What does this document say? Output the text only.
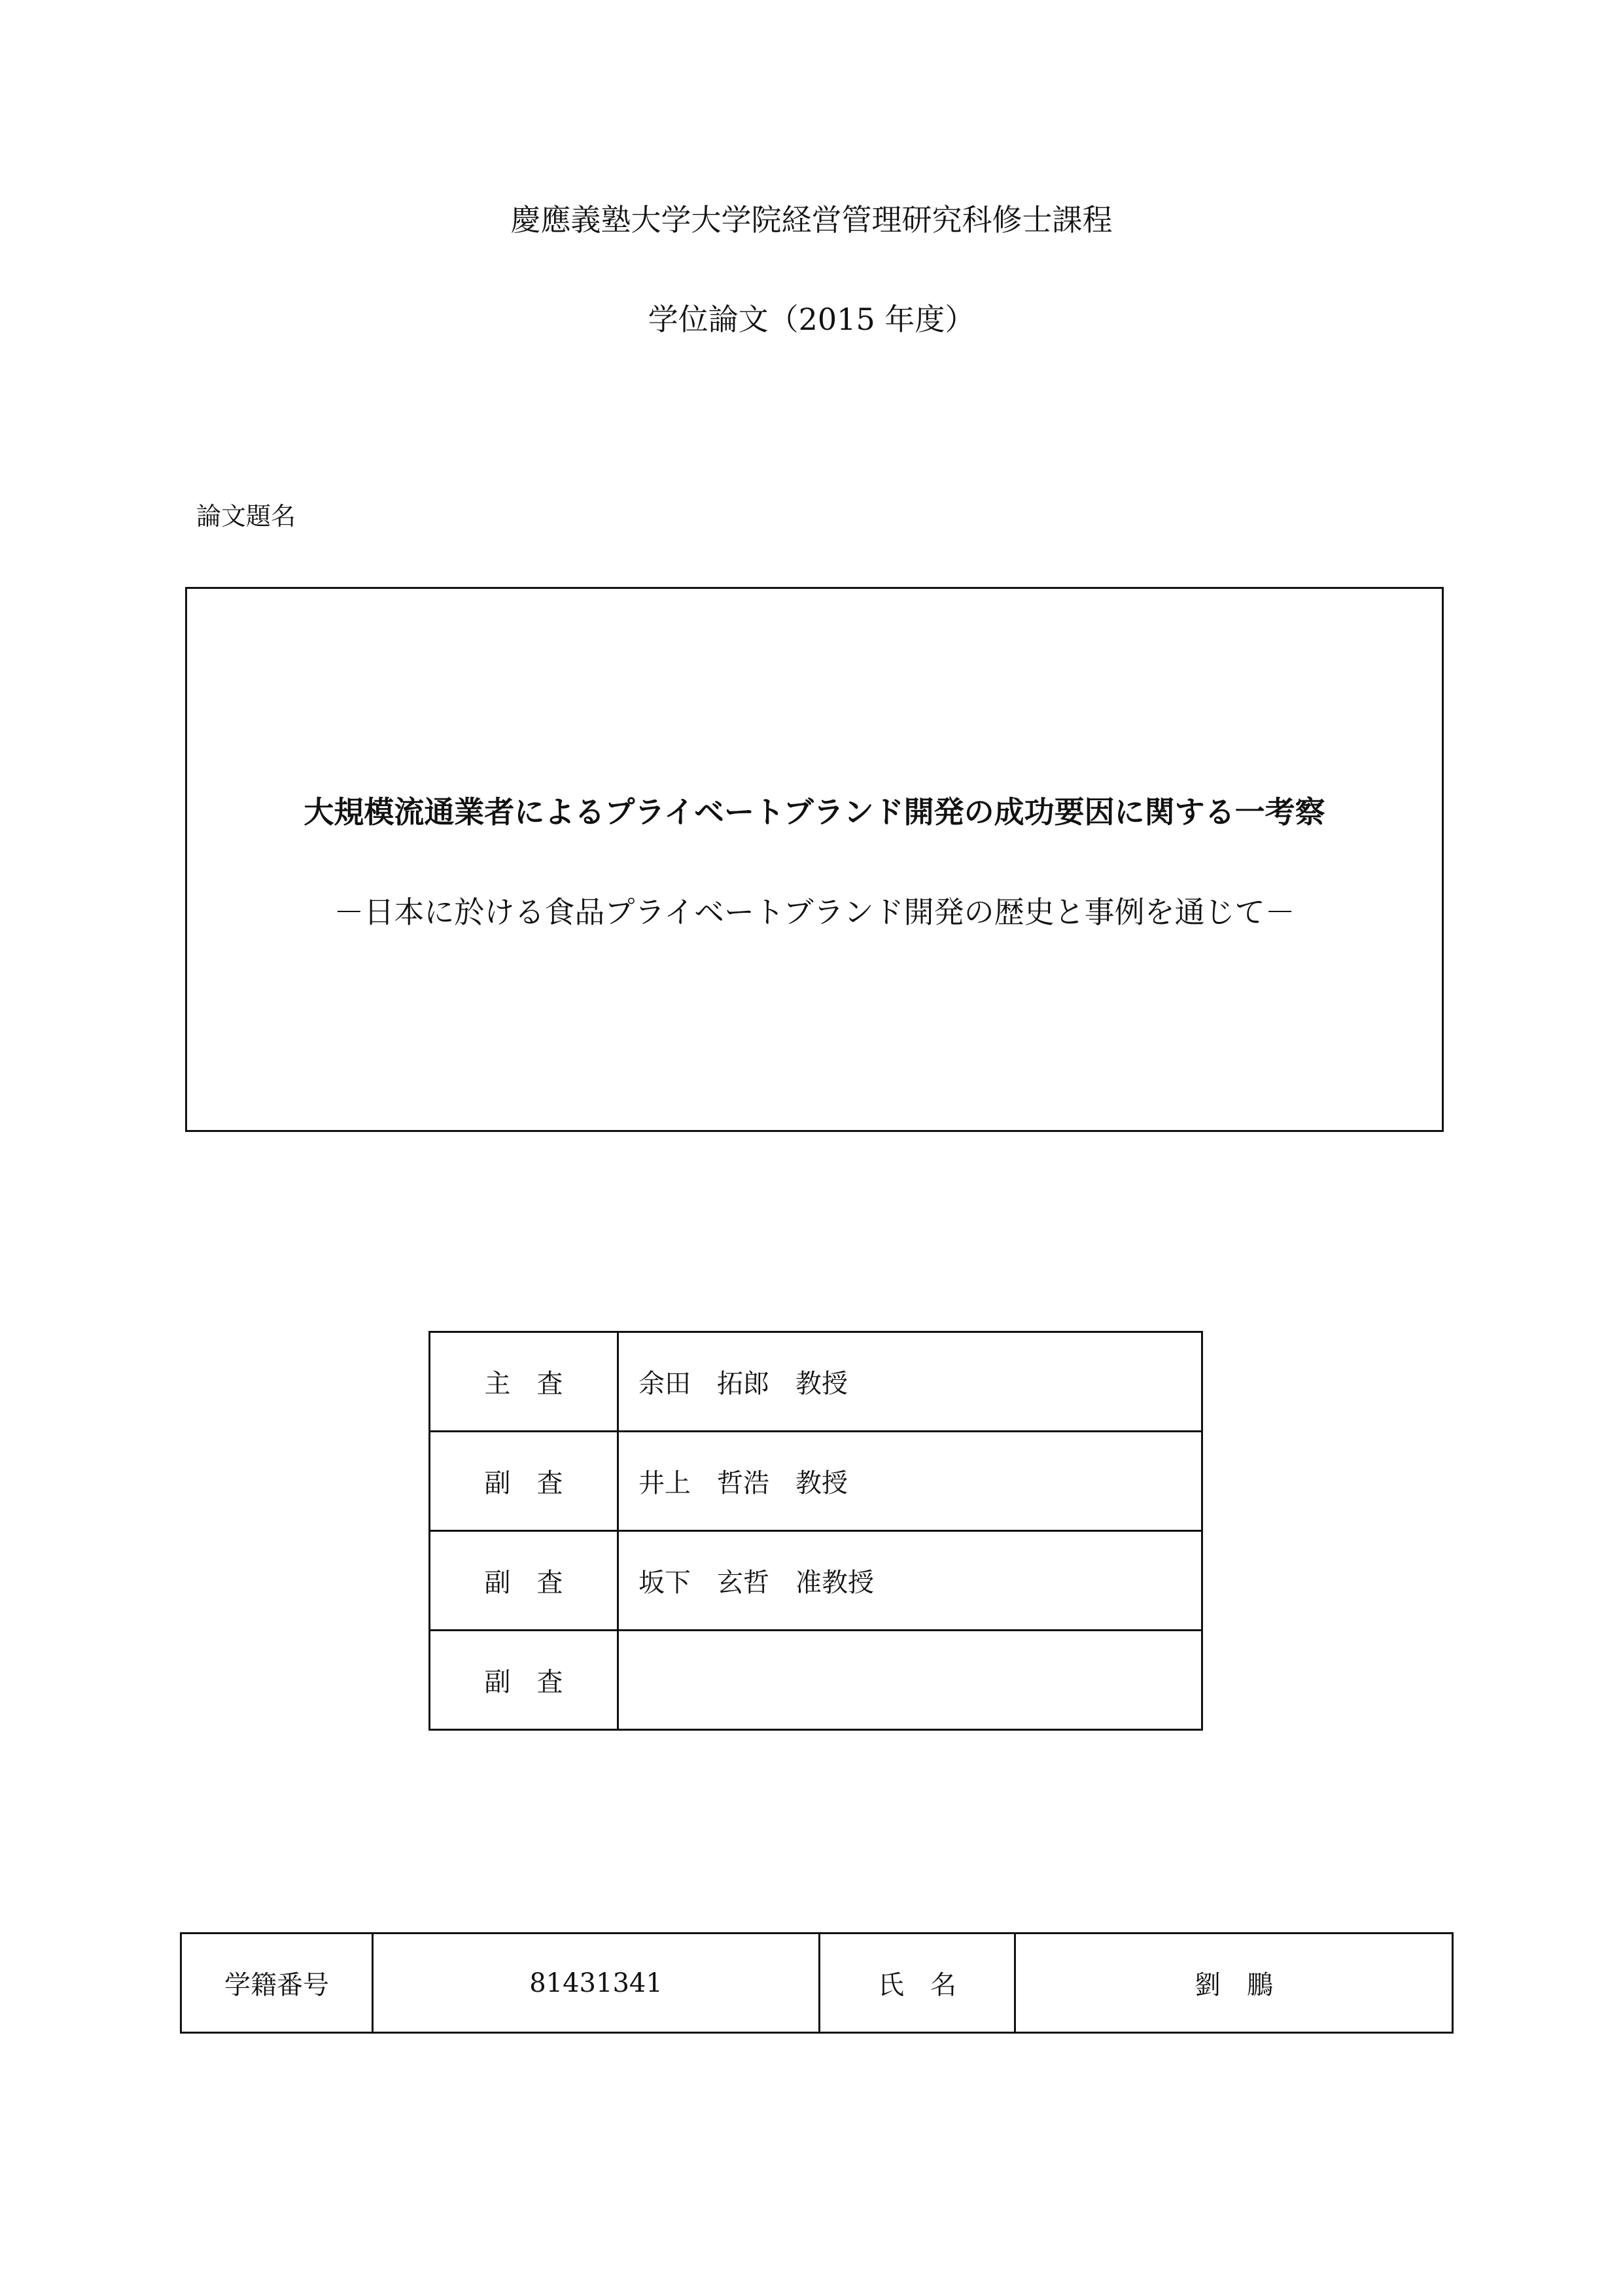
慶應義塾大学大学院経営管理研究科修士課程
学位論文（2015 年度）
論文題名
大規模流通業者によるプライベートブランド開発の成功要因に関する一考察
－日本に於ける食品プライベートブランド開発の歴史と事例を通じて－
主　査	余田　拓郎　教授
副　査	井上　哲浩　教授
副　査	坂下　玄哲　准教授
副　査	
学籍番号	81431341	氏　名	劉　鵬
